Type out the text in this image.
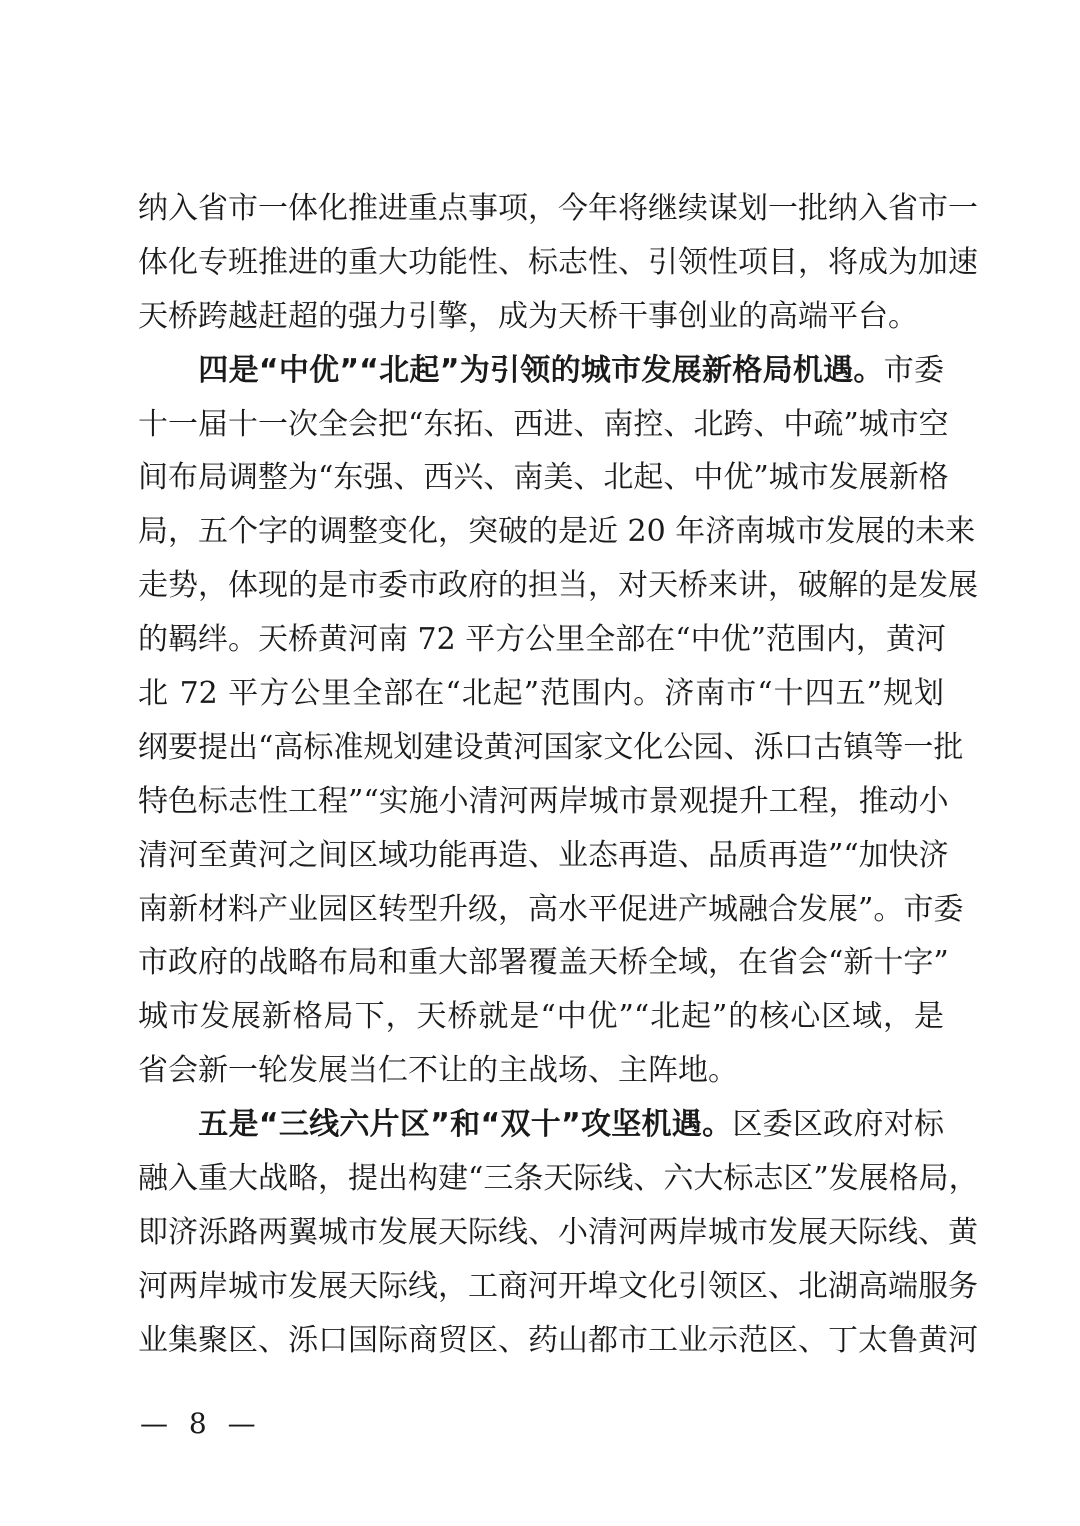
纳入省市一体化推进重点事项，今年将继续谋划一批纳入省市一
体化专班推进的重大功能性、标志性、引领性项目，将成为加速
天桥跨越赶超的强力引擎，成为天桥干事创业的高端平台。
四是“中优”“北起”为引领的城市发展新格局机遇。市委
十一届十一次全会把“东拓、西进、南控、北跨、中疏”城市空
间布局调整为“东强、西兴、南美、北起、中优”城市发展新格
局，五个字的调整变化，突破的是近 20 年济南城市发展的未来
走势，体现的是市委市政府的担当，对天桥来讲，破解的是发展
的羁绊。天桥黄河南 72 平方公里全部在“中优”范围内，黄河
北 72 平方公里全部在“北起”范围内。济南市“十四五”规划
纲要提出“高标准规划建设黄河国家文化公园、泺口古镇等一批
特色标志性工程”“实施小清河两岸城市景观提升工程，推动小
清河至黄河之间区域功能再造、业态再造、品质再造”“加快济
南新材料产业园区转型升级，高水平促进产城融合发展”。市委
市政府的战略布局和重大部署覆盖天桥全域，在省会“新十字”
城市发展新格局下，天桥就是“中优”“北起”的核心区域，是
省会新一轮发展当仁不让的主战场、主阵地。
五是“三线六片区”和“双十”攻坚机遇。区委区政府对标
融入重大战略，提出构建“三条天际线、六大标志区”发展格局，
即济泺路两翼城市发展天际线、小清河两岸城市发展天际线、黄
河两岸城市发展天际线，工商河开埠文化引领区、北湖高端服务
业集聚区、泺口国际商贸区、药山都市工业示范区、丁太鲁黄河
— 8 —
